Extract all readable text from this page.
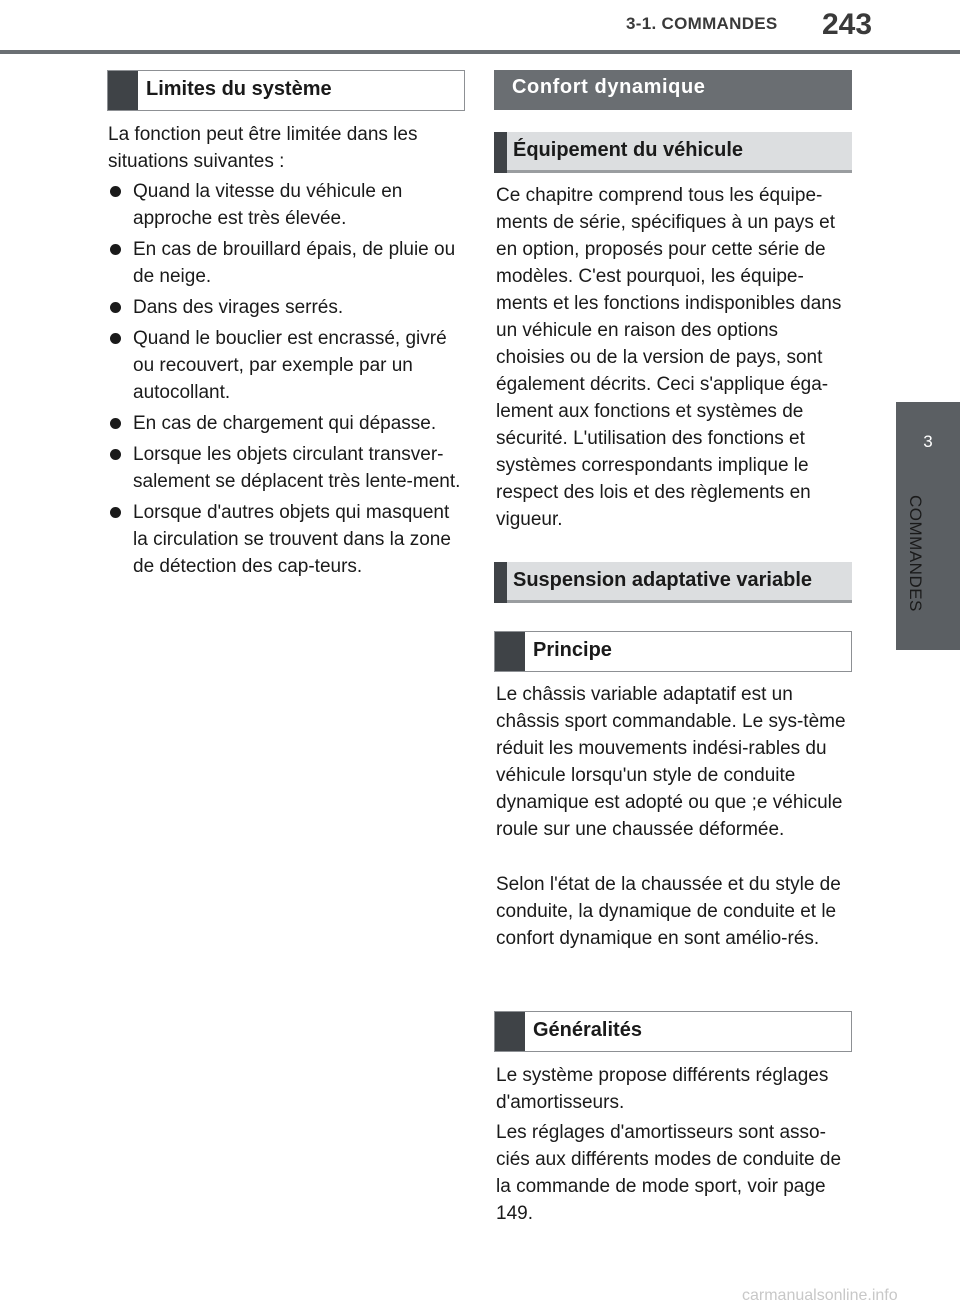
3-1. COMMANDES 243
3
COMMANDES
Limites du système

La fonction peut être limitée dans les situations suivantes :

Quand la vitesse du véhicule en approche est très élevée.
En cas de brouillard épais, de pluie ou de neige.
Dans des virages serrés.
Quand le bouclier est encrassé, givré ou recouvert, par exemple par un autocollant.
En cas de chargement qui dépasse.
Lorsque les objets circulant transver-salement se déplacent très lente-ment.
Lorsque d'autres objets qui masquent la circulation se trouvent dans la zone de détection des cap-teurs.
Confort dynamique
Équipement du véhicule

Ce chapitre comprend tous les équipe-ments de série, spécifiques à un pays et en option, proposés pour cette série de modèles. C'est pourquoi, les équipe-ments et les fonctions indisponibles dans un véhicule en raison des options choisies ou de la version de pays, sont également décrits. Ceci s'applique éga-lement aux fonctions et systèmes de sécurité. L'utilisation des fonctions et systèmes correspondants implique le respect des lois et des règlements en vigueur.

Suspension adaptative variable
Principe

Le châssis variable adaptatif est un châssis sport commandable. Le sys-tème réduit les mouvements indési-rables du véhicule lorsqu'un style de conduite dynamique est adopté ou que ;e véhicule roule sur une chaussée déformée.

Selon l'état de la chaussée et du style de conduite, la dynamique de conduite et le confort dynamique en sont amélio-rés.

Généralités

Le système propose différents réglages d'amortisseurs.

Les réglages d'amortisseurs sont asso-ciés aux différents modes de conduite de la commande de mode sport, voir page 149.

carmanualsonline.info
